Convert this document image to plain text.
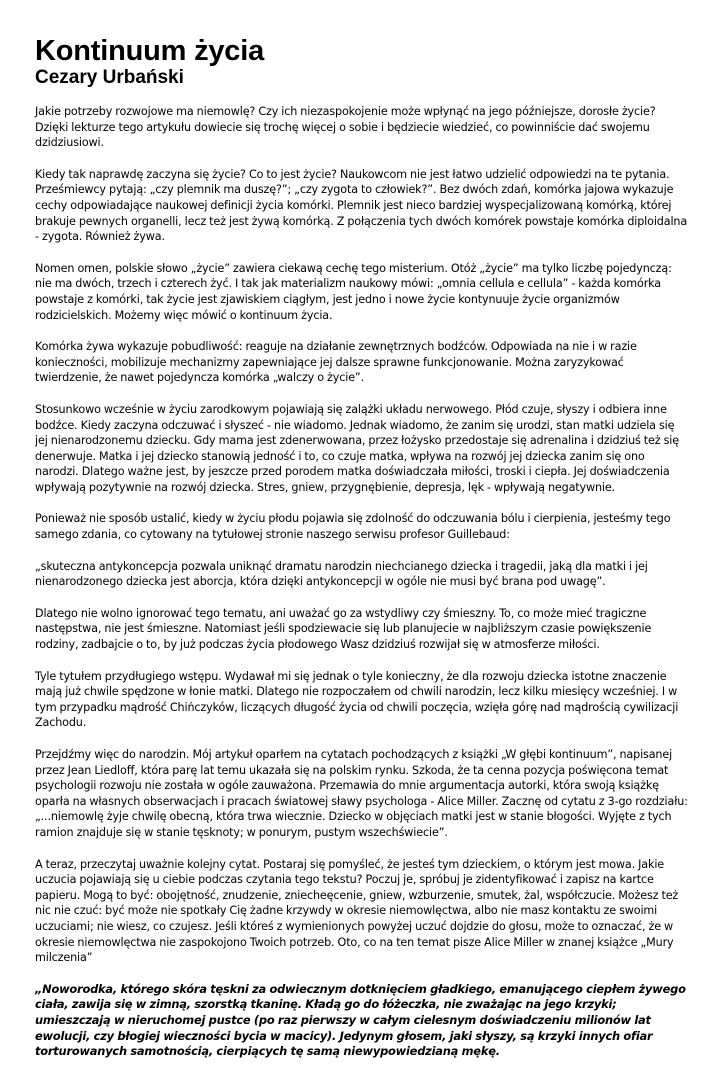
Kontinuum życia
Cezary Urbański

Jakie potrzeby rozwojowe ma niemowlę? Czy ich niezaspokojenie może wpłynąć na jego późniejsze, dorosłe życie? Dzięki lekturze tego artykułu dowiecie się trochę więcej o sobie i będziecie wiedzieć, co powinniście dać swojemu dzidziusiowi.

Kiedy tak naprawdę zaczyna się życie? Co to jest życie? Naukowcom nie jest łatwo udzielić odpowiedzi na te pytania. Prześmiewcy pytają: „czy plemnik ma duszę?”; „czy zygota to człowiek?”. Bez dwóch zdań, komórka jajowa wykazuje cechy odpowiadające naukowej definicji życia komórki. Plemnik jest nieco bardziej wyspecjalizowaną komórką, której brakuje pewnych organelli, lecz też jest żywą komórką. Z połączenia tych dwóch komórek powstaje komórka diploidalna - zygota. Również żywa.

Nomen omen, polskie słowo „życie” zawiera ciekawą cechę tego misterium. Otóż „życie” ma tylko liczbę pojedynczą: nie ma dwóch, trzech i czterech żyć. I tak jak materializm naukowy mówi: „omnia cellula e cellula” - każda komórka powstaje z komórki, tak życie jest zjawiskiem ciągłym, jest jedno i nowe życie kontynuuje życie organizmów rodzicielskich. Możemy więc mówić o kontinuum życia.

Komórka żywa wykazuje pobudliwość: reaguje na działanie zewnętrznych bodźców. Odpowiada na nie i w razie konieczności, mobilizuje mechanizmy zapewniające jej dalsze sprawne funkcjonowanie. Można zaryzykować twierdzenie, że nawet pojedyncza komórka „walczy o życie”.

Stosunkowo wcześnie w życiu zarodkowym pojawiają się zalążki układu nerwowego. Płód czuje, słyszy i odbiera inne bodźce. Kiedy zaczyna odczuwać i słyszeć - nie wiadomo. Jednak wiadomo, że zanim się urodzi, stan matki udziela się jej nienarodzonemu dziecku. Gdy mama jest zdenerwowana, przez łożysko przedostaje się adrenalina i dzidziuś też się denerwuje. Matka i jej dziecko stanowią jedność i to, co czuje matka, wpływa na rozwój jej dziecka zanim się ono narodzi. Dlatego ważne jest, by jeszcze przed porodem matka doświadczała miłości, troski i ciepła. Jej doświadczenia wpływają pozytywnie na rozwój dziecka. Stres, gniew, przygnębienie, depresja, lęk - wpływają negatywnie.

Ponieważ nie sposób ustalić, kiedy w życiu płodu pojawia się zdolność do odczuwania bólu i cierpienia, jesteśmy tego samego zdania, co cytowany na tytułowej stronie naszego serwisu profesor Guillebaud:

„skuteczna antykoncepcja pozwala uniknąć dramatu narodzin niechcianego dziecka i tragedii, jaką dla matki i jej nienarodzonego dziecka jest aborcja, która dzięki antykoncepcji w ogóle nie musi być brana pod uwagę”.

Dlatego nie wolno ignorować tego tematu, ani uważać go za wstydliwy czy śmieszny. To, co może mieć tragiczne następstwa, nie jest śmieszne. Natomiast jeśli spodziewacie się lub planujecie w najbliższym czasie powiększenie rodziny, zadbajcie o to, by już podczas życia płodowego Wasz dzidziuś rozwijał się w atmosferze miłości.

Tyle tytułem przydługiego wstępu. Wydawał mi się jednak o tyle konieczny, że dla rozwoju dziecka istotne znaczenie mają już chwile spędzone w łonie matki. Dlatego nie rozpoczałem od chwili narodzin, lecz kilku miesięcy wcześniej. I w tym przypadku mądrość Chińczyków, liczących długość życia od chwili poczęcia, wzięła górę nad mądrością cywilizacji Zachodu.

Przejdźmy więc do narodzin. Mój artykuł oparłem na cytatach pochodzących z książki „W głębi kontinuum”, napisanej przez Jean Liedloff, która parę lat temu ukazała się na polskim rynku. Szkoda, że ta cenna pozycja poświęcona temat psychologii rozwoju nie została w ogóle zauważona. Przemawia do mnie argumentacja autorki, która swoją książkę oparła na własnych obserwacjach i pracach światowej sławy psychologa - Alice Miller. Zacznę od cytatu z 3-go rozdziału: „...niemowlę żyje chwilę obecną, która trwa wiecznie. Dziecko w objęciach matki jest w stanie błogości. Wyjęte z tych ramion znajduje się w stanie tęsknoty; w ponurym, pustym wszechświecie”.

A teraz, przeczytaj uważnie kolejny cytat. Postaraj się pomyśleć, że jesteś tym dzieckiem, o którym jest mowa. Jakie uczucia pojawiają się u ciebie podczas czytania tego tekstu? Poczuj je, spróbuj je zidentyfikować i zapisz na kartce papieru. Mogą to być: obojętność, znudzenie, zniecheęcenie, gniew, wzburzenie, smutek, żal, współczucie. Możesz też nic nie czuć: być może nie spotkały Cię żadne krzywdy w okresie niemowlęctwa, albo nie masz kontaktu ze swoimi uczuciami; nie wiesz, co czujesz. Jeśli któreś z wymienionych powyżej uczuć dojdzie do głosu, może to oznaczać, że w okresie niemowlęctwa nie zaspokojono Twoich potrzeb. Oto, co na ten temat pisze Alice Miller w znanej książce „Mury milczenia”

„Noworodka, którego skóra tęskni za odwiecznym dotknięciem gładkiego, emanującego ciepłem żywego ciała, zawija się w zimną, szorstką tkaninę. Kładą go do łóżeczka, nie zważając na jego krzyki; umieszczają w nieruchomej pustce (po raz pierwszy w całym cielesnym doświadczeniu milionów lat ewolucji, czy błogiej wieczności bycia w macicy). Jedynym głosem, jaki słyszy, są krzyki innych ofiar torturowanych samotnością, cierpiących tę samą niewypowiedzianą mękę.
